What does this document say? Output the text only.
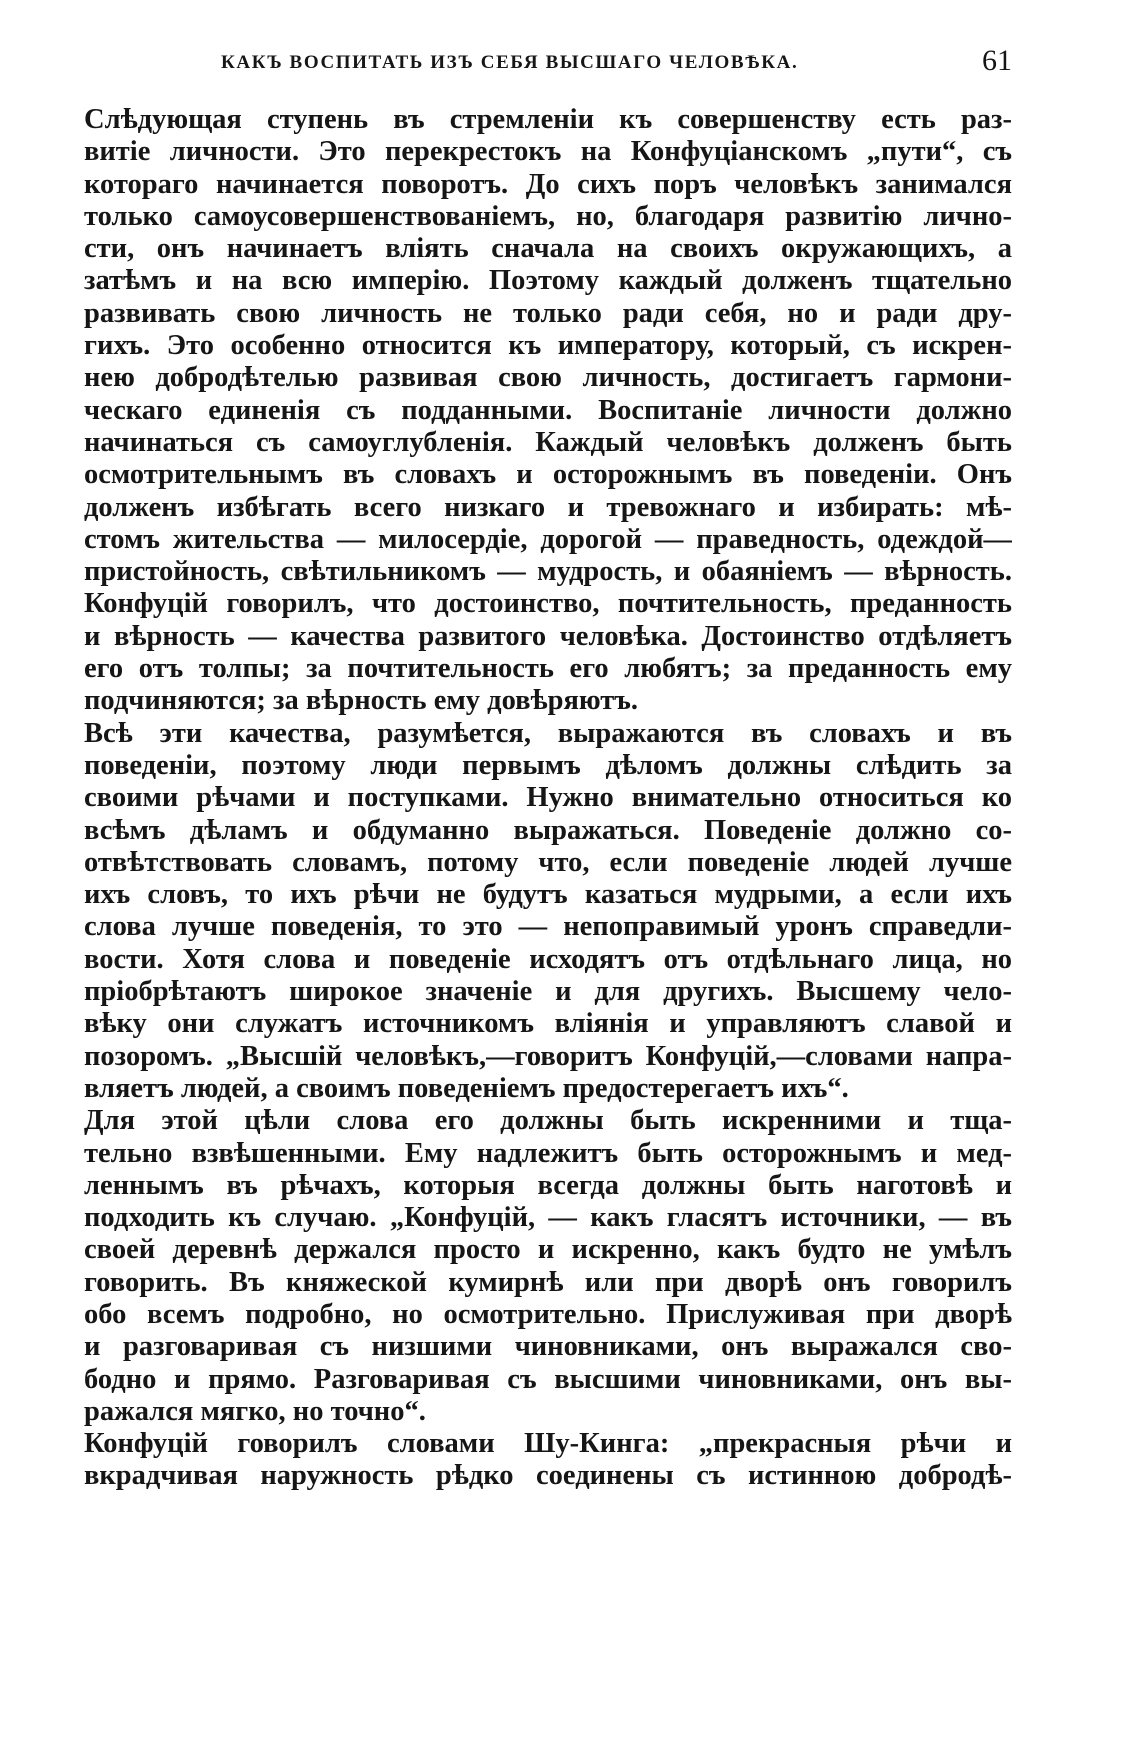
КАКЪ ВОСПИТАТЬ ИЗЪ СЕБЯ ВЫСШАГО ЧЕЛОВѢКА.	61
Слѣдующая ступень въ стремленіи къ совершенству есть раз-
витіе личности. Это перекрестокъ на Конфуціанскомъ „пути“, съ
котораго начинается поворотъ. До сихъ поръ человѣкъ занимался
только самоусовершенствованіемъ, но, благодаря развитію лично-
сти, онъ начинаетъ вліять сначала на своихъ окружающихъ, а
затѣмъ и на всю имперію. Поэтому каждый долженъ тщательно
развивать свою личность не только ради себя, но и ради дру-
гихъ. Это особенно относится къ императору, который, съ искрен-
нею добродѣтелью развивая свою личность, достигаетъ гармони-
ческаго единенія съ подданными. Воспитаніе личности должно
начинаться съ самоуглубленія. Каждый человѣкъ долженъ быть
осмотрительнымъ въ словахъ и осторожнымъ въ поведеніи. Онъ
долженъ избѣгать всего низкаго и тревожнаго и избирать: мѣ-
стомъ жительства — милосердіе, дорогой — праведность, одеждой—
пристойность, свѣтильникомъ — мудрость, и обаяніемъ — вѣрность.
Конфуцій говорилъ, что достоинство, почтительность, преданность
и вѣрность — качества развитого человѣка. Достоинство отдѣляетъ
его отъ толпы; за почтительность его любятъ; за преданность ему
подчиняются; за вѣрность ему довѣряютъ.
Всѣ эти качества, разумѣется, выражаются въ словахъ и въ
поведеніи, поэтому люди первымъ дѣломъ должны слѣдить за
своими рѣчами и поступками. Нужно внимательно относиться ко
всѣмъ дѣламъ и обдуманно выражаться. Поведеніе должно со-
отвѣтствовать словамъ, потому что, если поведеніе людей лучше
ихъ словъ, то ихъ рѣчи не будутъ казаться мудрыми, а если ихъ
слова лучше поведенія, то это — непоправимый уронъ справедли-
вости. Хотя слова и поведеніе исходятъ отъ отдѣльнаго лица, но
пріобрѣтаютъ широкое значеніе и для другихъ. Высшему чело-
вѣку они служатъ источникомъ вліянія и управляютъ славой и
позоромъ. „Высшій человѣкъ,—говоритъ Конфуцій,—словами напра-
вляетъ людей, а своимъ поведеніемъ предостерегаетъ ихъ“.
Для этой цѣли слова его должны быть искренними и тща-
тельно взвѣшенными. Ему надлежитъ быть осторожнымъ и мед-
леннымъ въ рѣчахъ, которыя всегда должны быть наготовѣ и
подходить къ случаю. „Конфуцій, — какъ гласятъ источники, — въ
своей деревнѣ держался просто и искренно, какъ будто не умѣлъ
говорить. Въ княжеской кумирнѣ или при дворѣ онъ говорилъ
обо всемъ подробно, но осмотрительно. Прислуживая при дворѣ
и разговаривая съ низшими чиновниками, онъ выражался сво-
бодно и прямо. Разговаривая съ высшими чиновниками, онъ вы-
ражался мягко, но точно“.
Конфуцій говорилъ словами Шу-Кинга: „прекрасныя рѣчи и
вкрадчивая наружность рѣдко соединены съ истинною добродѣ-
